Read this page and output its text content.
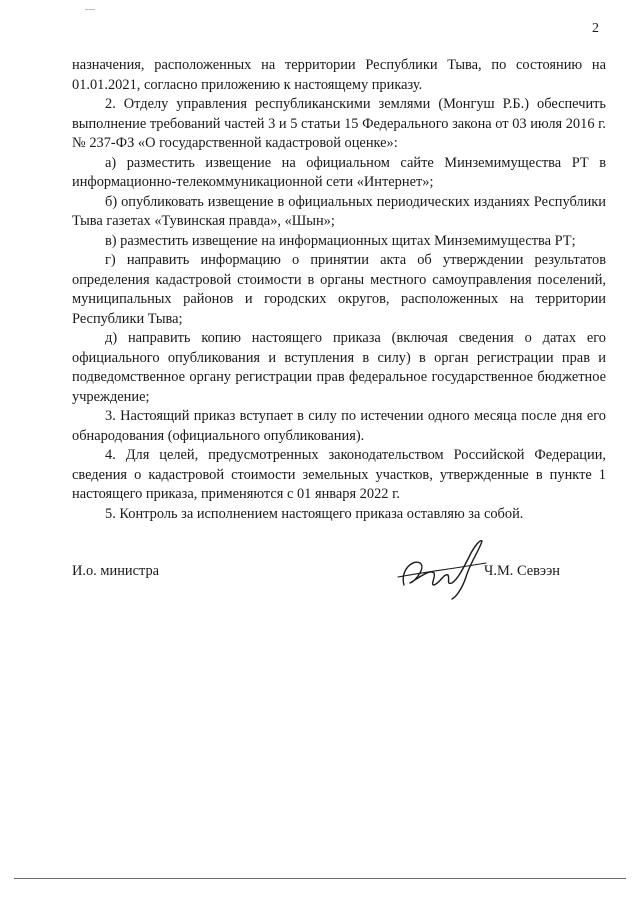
2

назначения, расположенных на территории Республики Тыва, по состоянию на 01.01.2021, согласно приложению к настоящему приказу.

2. Отделу управления республиканскими землями (Монгуш Р.Б.) обеспечить выполнение требований частей 3 и 5 статьи 15 Федерального закона от 03 июля 2016 г. № 237-ФЗ «О государственной кадастровой оценке»:

а) разместить извещение на официальном сайте Минземимущества РТ в информационно-телекоммуникационной сети «Интернет»;

б) опубликовать извещение в официальных периодических изданиях Республики Тыва газетах «Тувинская правда», «Шын»;

в) разместить извещение на информационных щитах Минземимущества РТ;

г) направить информацию о принятии акта об утверждении результатов определения кадастровой стоимости в органы местного самоуправления поселений, муниципальных районов и городских округов, расположенных на территории Республики Тыва;

д) направить копию настоящего приказа (включая сведения о датах его официального опубликования и вступления в силу) в орган регистрации прав и подведомственное органу регистрации прав федеральное государственное бюджетное учреждение;

3. Настоящий приказ вступает в силу по истечении одного месяца после дня его обнародования (официального опубликования).

4. Для целей, предусмотренных законодательством Российской Федерации, сведения о кадастровой стоимости земельных участков, утвержденные в пункте 1 настоящего приказа, применяются с 01 января 2022 г.

5. Контроль за исполнением настоящего приказа оставляю за собой.

И.о. министра	Ч.М. Севээн
